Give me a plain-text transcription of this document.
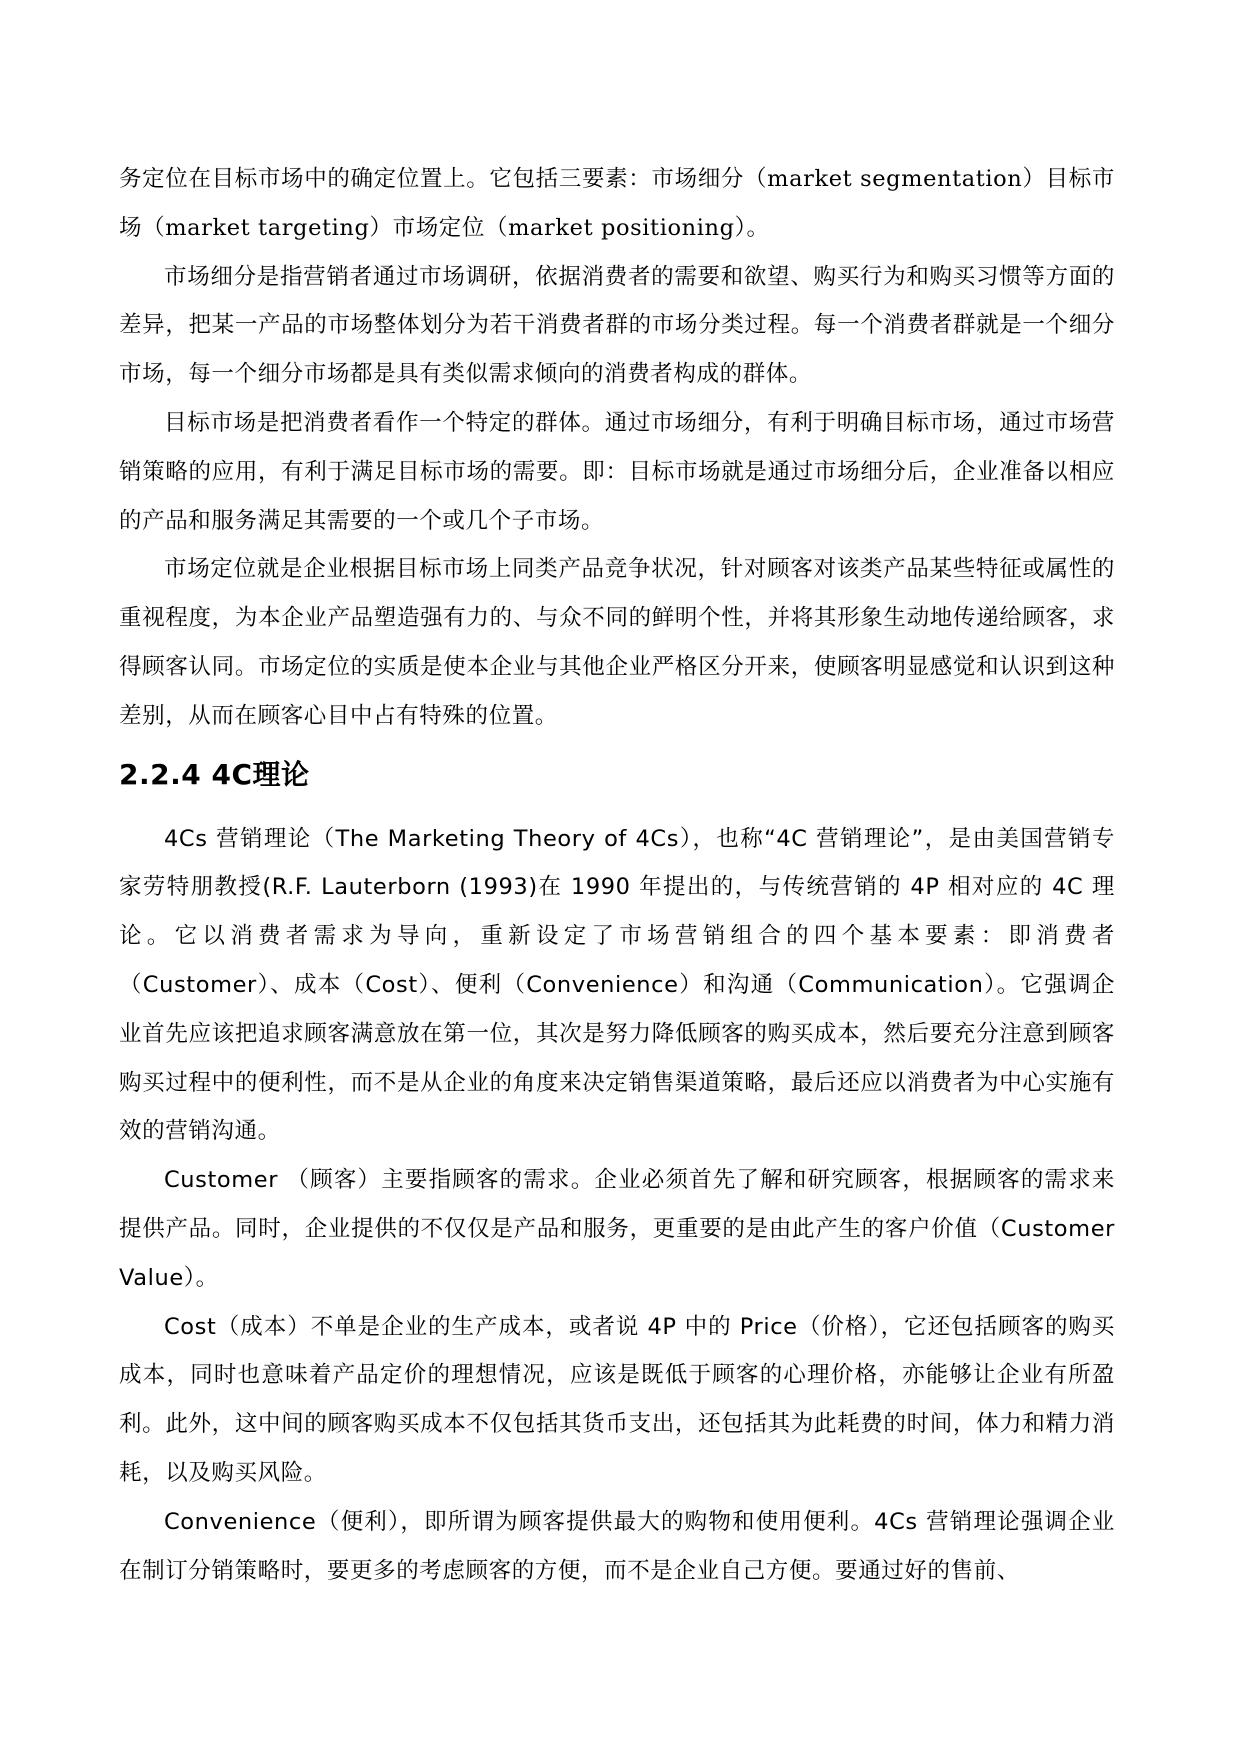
务定位在目标市场中的确定位置上。它包括三要素：市场细分（market segmentation）目标市场（market targeting）市场定位（market positioning）。

市场细分是指营销者通过市场调研，依据消费者的需要和欲望、购买行为和购买习惯等方面的差异，把某一产品的市场整体划分为若干消费者群的市场分类过程。每一个消费者群就是一个细分市场，每一个细分市场都是具有类似需求倾向的消费者构成的群体。

目标市场是把消费者看作一个特定的群体。通过市场细分，有利于明确目标市场，通过市场营销策略的应用，有利于满足目标市场的需要。即：目标市场就是通过市场细分后，企业准备以相应的产品和服务满足其需要的一个或几个子市场。

市场定位就是企业根据目标市场上同类产品竞争状况，针对顾客对该类产品某些特征或属性的重视程度，为本企业产品塑造强有力的、与众不同的鲜明个性，并将其形象生动地传递给顾客，求得顾客认同。市场定位的实质是使本企业与其他企业严格区分开来，使顾客明显感觉和认识到这种差别，从而在顾客心目中占有特殊的位置。

2.2.4 4C理论

4Cs 营销理论（The Marketing Theory of 4Cs），也称“4C 营销理论”，是由美国营销专家劳特朋教授(R.F. Lauterborn (1993)在 1990 年提出的，与传统营销的 4P 相对应的 4C 理论。它以消费者需求为导向，重新设定了市场营销组合的四个基本要素：即消费者（Customer）、成本（Cost）、便利（Convenience）和沟通（Communication）。它强调企业首先应该把追求顾客满意放在第一位，其次是努力降低顾客的购买成本，然后要充分注意到顾客购买过程中的便利性，而不是从企业的角度来决定销售渠道策略，最后还应以消费者为中心实施有效的营销沟通。

Customer （顾客）主要指顾客的需求。企业必须首先了解和研究顾客，根据顾客的需求来提供产品。同时，企业提供的不仅仅是产品和服务，更重要的是由此产生的客户价值（Customer Value）。

Cost（成本）不单是企业的生产成本，或者说 4P 中的 Price（价格），它还包括顾客的购买成本，同时也意味着产品定价的理想情况，应该是既低于顾客的心理价格，亦能够让企业有所盈利。此外，这中间的顾客购买成本不仅包括其货币支出，还包括其为此耗费的时间，体力和精力消耗，以及购买风险。

Convenience（便利），即所谓为顾客提供最大的购物和使用便利。4Cs 营销理论强调企业在制订分销策略时，要更多的考虑顾客的方便，而不是企业自己方便。要通过好的售前、
